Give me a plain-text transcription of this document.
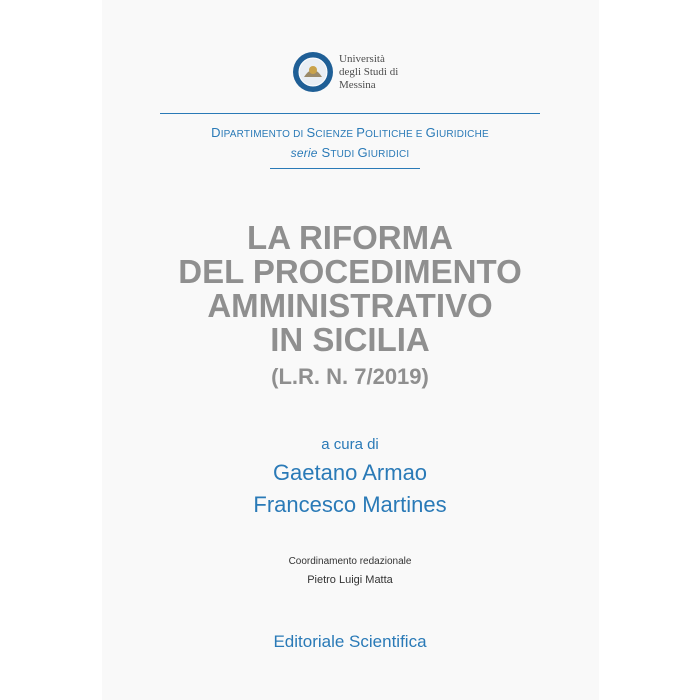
Università
degli Studi di
Messina
DIPARTIMENTO DI SCIENZE POLITICHE E GIURIDICHE
serie STUDI GIURIDICI
LA RIFORMA
DEL PROCEDIMENTO
AMMINISTRATIVO
IN SICILIA
(L.R. N. 7/2019)
a cura di
Gaetano Armao
Francesco Martines
Coordinamento redazionale
Pietro Luigi Matta
Editoriale Scientifica
